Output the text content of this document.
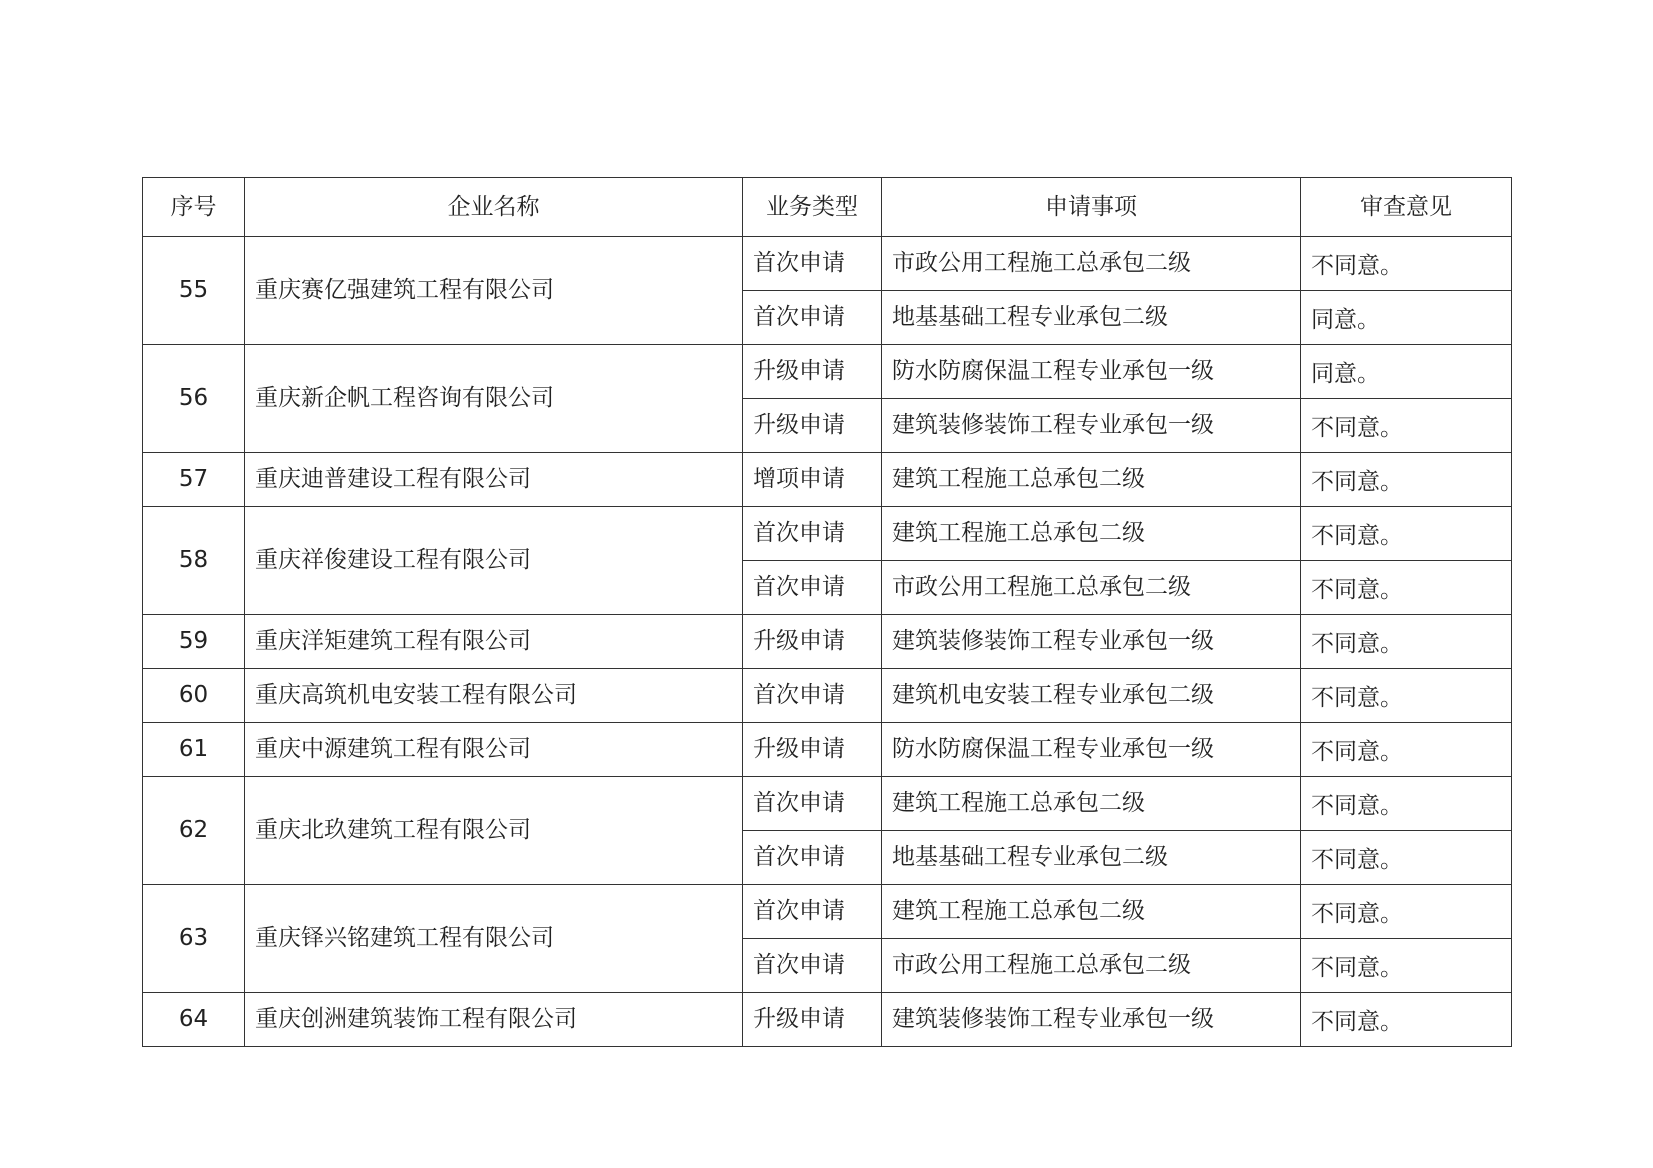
序号	企业名称	业务类型	申请事项	审查意见
55	重庆赛亿强建筑工程有限公司	首次申请	市政公用工程施工总承包二级	不同意。
		首次申请	地基基础工程专业承包二级	同意。
56	重庆新企帆工程咨询有限公司	升级申请	防水防腐保温工程专业承包一级	同意。
		升级申请	建筑装修装饰工程专业承包一级	不同意。
57	重庆迪普建设工程有限公司	增项申请	建筑工程施工总承包二级	不同意。
58	重庆祥俊建设工程有限公司	首次申请	建筑工程施工总承包二级	不同意。
		首次申请	市政公用工程施工总承包二级	不同意。
59	重庆洋矩建筑工程有限公司	升级申请	建筑装修装饰工程专业承包一级	不同意。
60	重庆高筑机电安装工程有限公司	首次申请	建筑机电安装工程专业承包二级	不同意。
61	重庆中源建筑工程有限公司	升级申请	防水防腐保温工程专业承包一级	不同意。
62	重庆北玖建筑工程有限公司	首次申请	建筑工程施工总承包二级	不同意。
		首次申请	地基基础工程专业承包二级	不同意。
63	重庆铎兴铭建筑工程有限公司	首次申请	建筑工程施工总承包二级	不同意。
		首次申请	市政公用工程施工总承包二级	不同意。
64	重庆创洲建筑装饰工程有限公司	升级申请	建筑装修装饰工程专业承包一级	不同意。
